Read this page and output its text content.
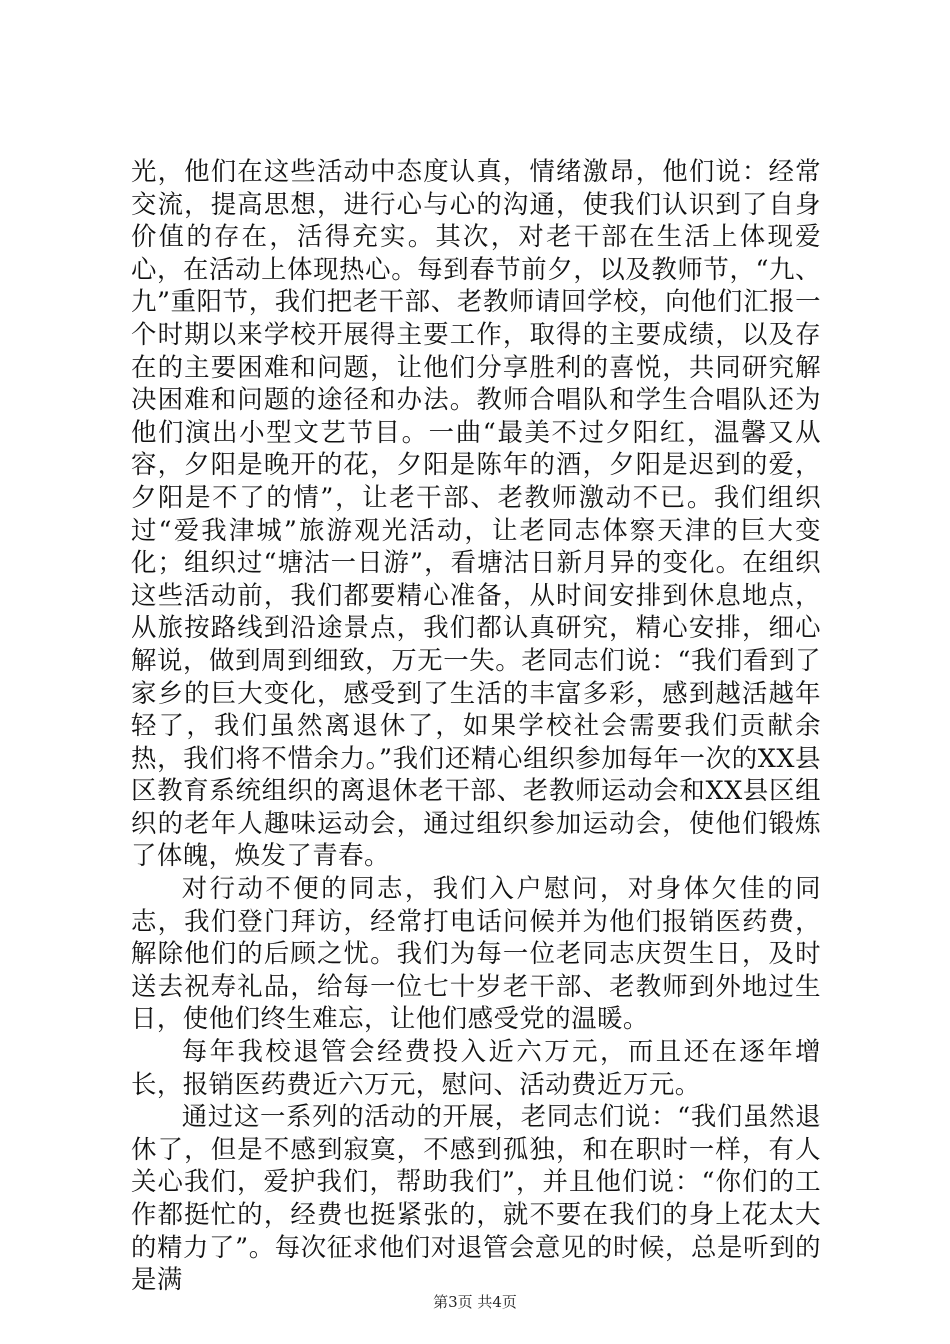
光，他们在这些活动中态度认真，情绪激昂，他们说：经常交流，提高思想，进行心与心的沟通，使我们认识到了自身价值的存在，活得充实。其次，对老干部在生活上体现爱心，在活动上体现热心。每到春节前夕，以及教师节，“九、九”重阳节，我们把老干部、老教师请回学校，向他们汇报一个时期以来学校开展得主要工作，取得的主要成绩，以及存在的主要困难和问题，让他们分享胜利的喜悦，共同研究解决困难和问题的途径和办法。教师合唱队和学生合唱队还为他们演出小型文艺节目。一曲“最美不过夕阳红，温馨又从容，夕阳是晚开的花，夕阳是陈年的酒，夕阳是迟到的爱，夕阳是不了的情”，让老干部、老教师激动不已。我们组织过“爱我津城”旅游观光活动，让老同志体察天津的巨大变化；组织过“塘沽一日游”，看塘沽日新月异的变化。在组织这些活动前，我们都要精心准备，从时间安排到休息地点，从旅按路线到沿途景点，我们都认真研究，精心安排，细心解说，做到周到细致，万无一失。老同志们说：“我们看到了家乡的巨大变化，感受到了生活的丰富多彩，感到越活越年轻了，我们虽然离退休了，如果学校社会需要我们贡献余热，我们将不惜余力。”我们还精心组织参加每年一次的XX县区教育系统组织的离退休老干部、老教师运动会和XX县区组织的老年人趣味运动会，通过组织参加运动会，使他们锻炼了体魄，焕发了青春。

对行动不便的同志，我们入户慰问，对身体欠佳的同志，我们登门拜访，经常打电话问候并为他们报销医药费，解除他们的后顾之忧。我们为每一位老同志庆贺生日，及时送去祝寿礼品，给每一位七十岁老干部、老教师到外地过生日，使他们终生难忘，让他们感受党的温暖。

每年我校退管会经费投入近六万元，而且还在逐年增长，报销医药费近六万元，慰问、活动费近万元。

通过这一系列的活动的开展，老同志们说：“我们虽然退休了，但是不感到寂寞，不感到孤独，和在职时一样，有人关心我们，爱护我们，帮助我们”，并且他们说：“你们的工作都挺忙的，经费也挺紧张的，就不要在我们的身上花太大的精力了”。每次征求他们对退管会意见的时候，总是听到的是满

第3页 共4页
